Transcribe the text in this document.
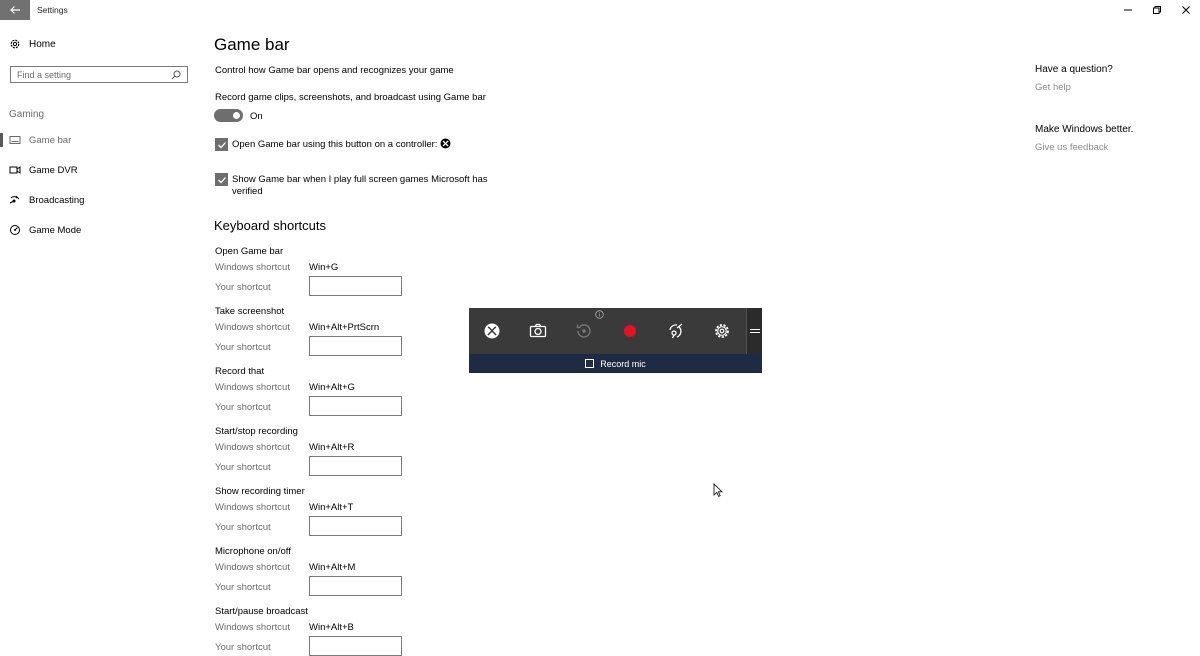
Settings
Home
Find a setting
Gaming
Game bar
Game DVR
Broadcasting
Game Mode
Game bar
Control how Game bar opens and recognizes your game
Record game clips, screenshots, and broadcast using Game bar
On
Open Game bar using this button on a controller:
Show Game bar when I play full screen games Microsoft has verified
Keyboard shortcuts
Open Game bar
Windows shortcut Win+G
Your shortcut
Take screenshot
Windows shortcut Win+Alt+PrtScrn
Your shortcut
Record that
Windows shortcut Win+Alt+G
Your shortcut
Start/stop recording
Windows shortcut Win+Alt+R
Your shortcut
Show recording timer
Windows shortcut Win+Alt+T
Your shortcut
Microphone on/off
Windows shortcut Win+Alt+M
Your shortcut
Start/pause broadcast
Windows shortcut Win+Alt+B
Your shortcut
Have a question?
Get help
Make Windows better.
Give us feedback
Record mic
